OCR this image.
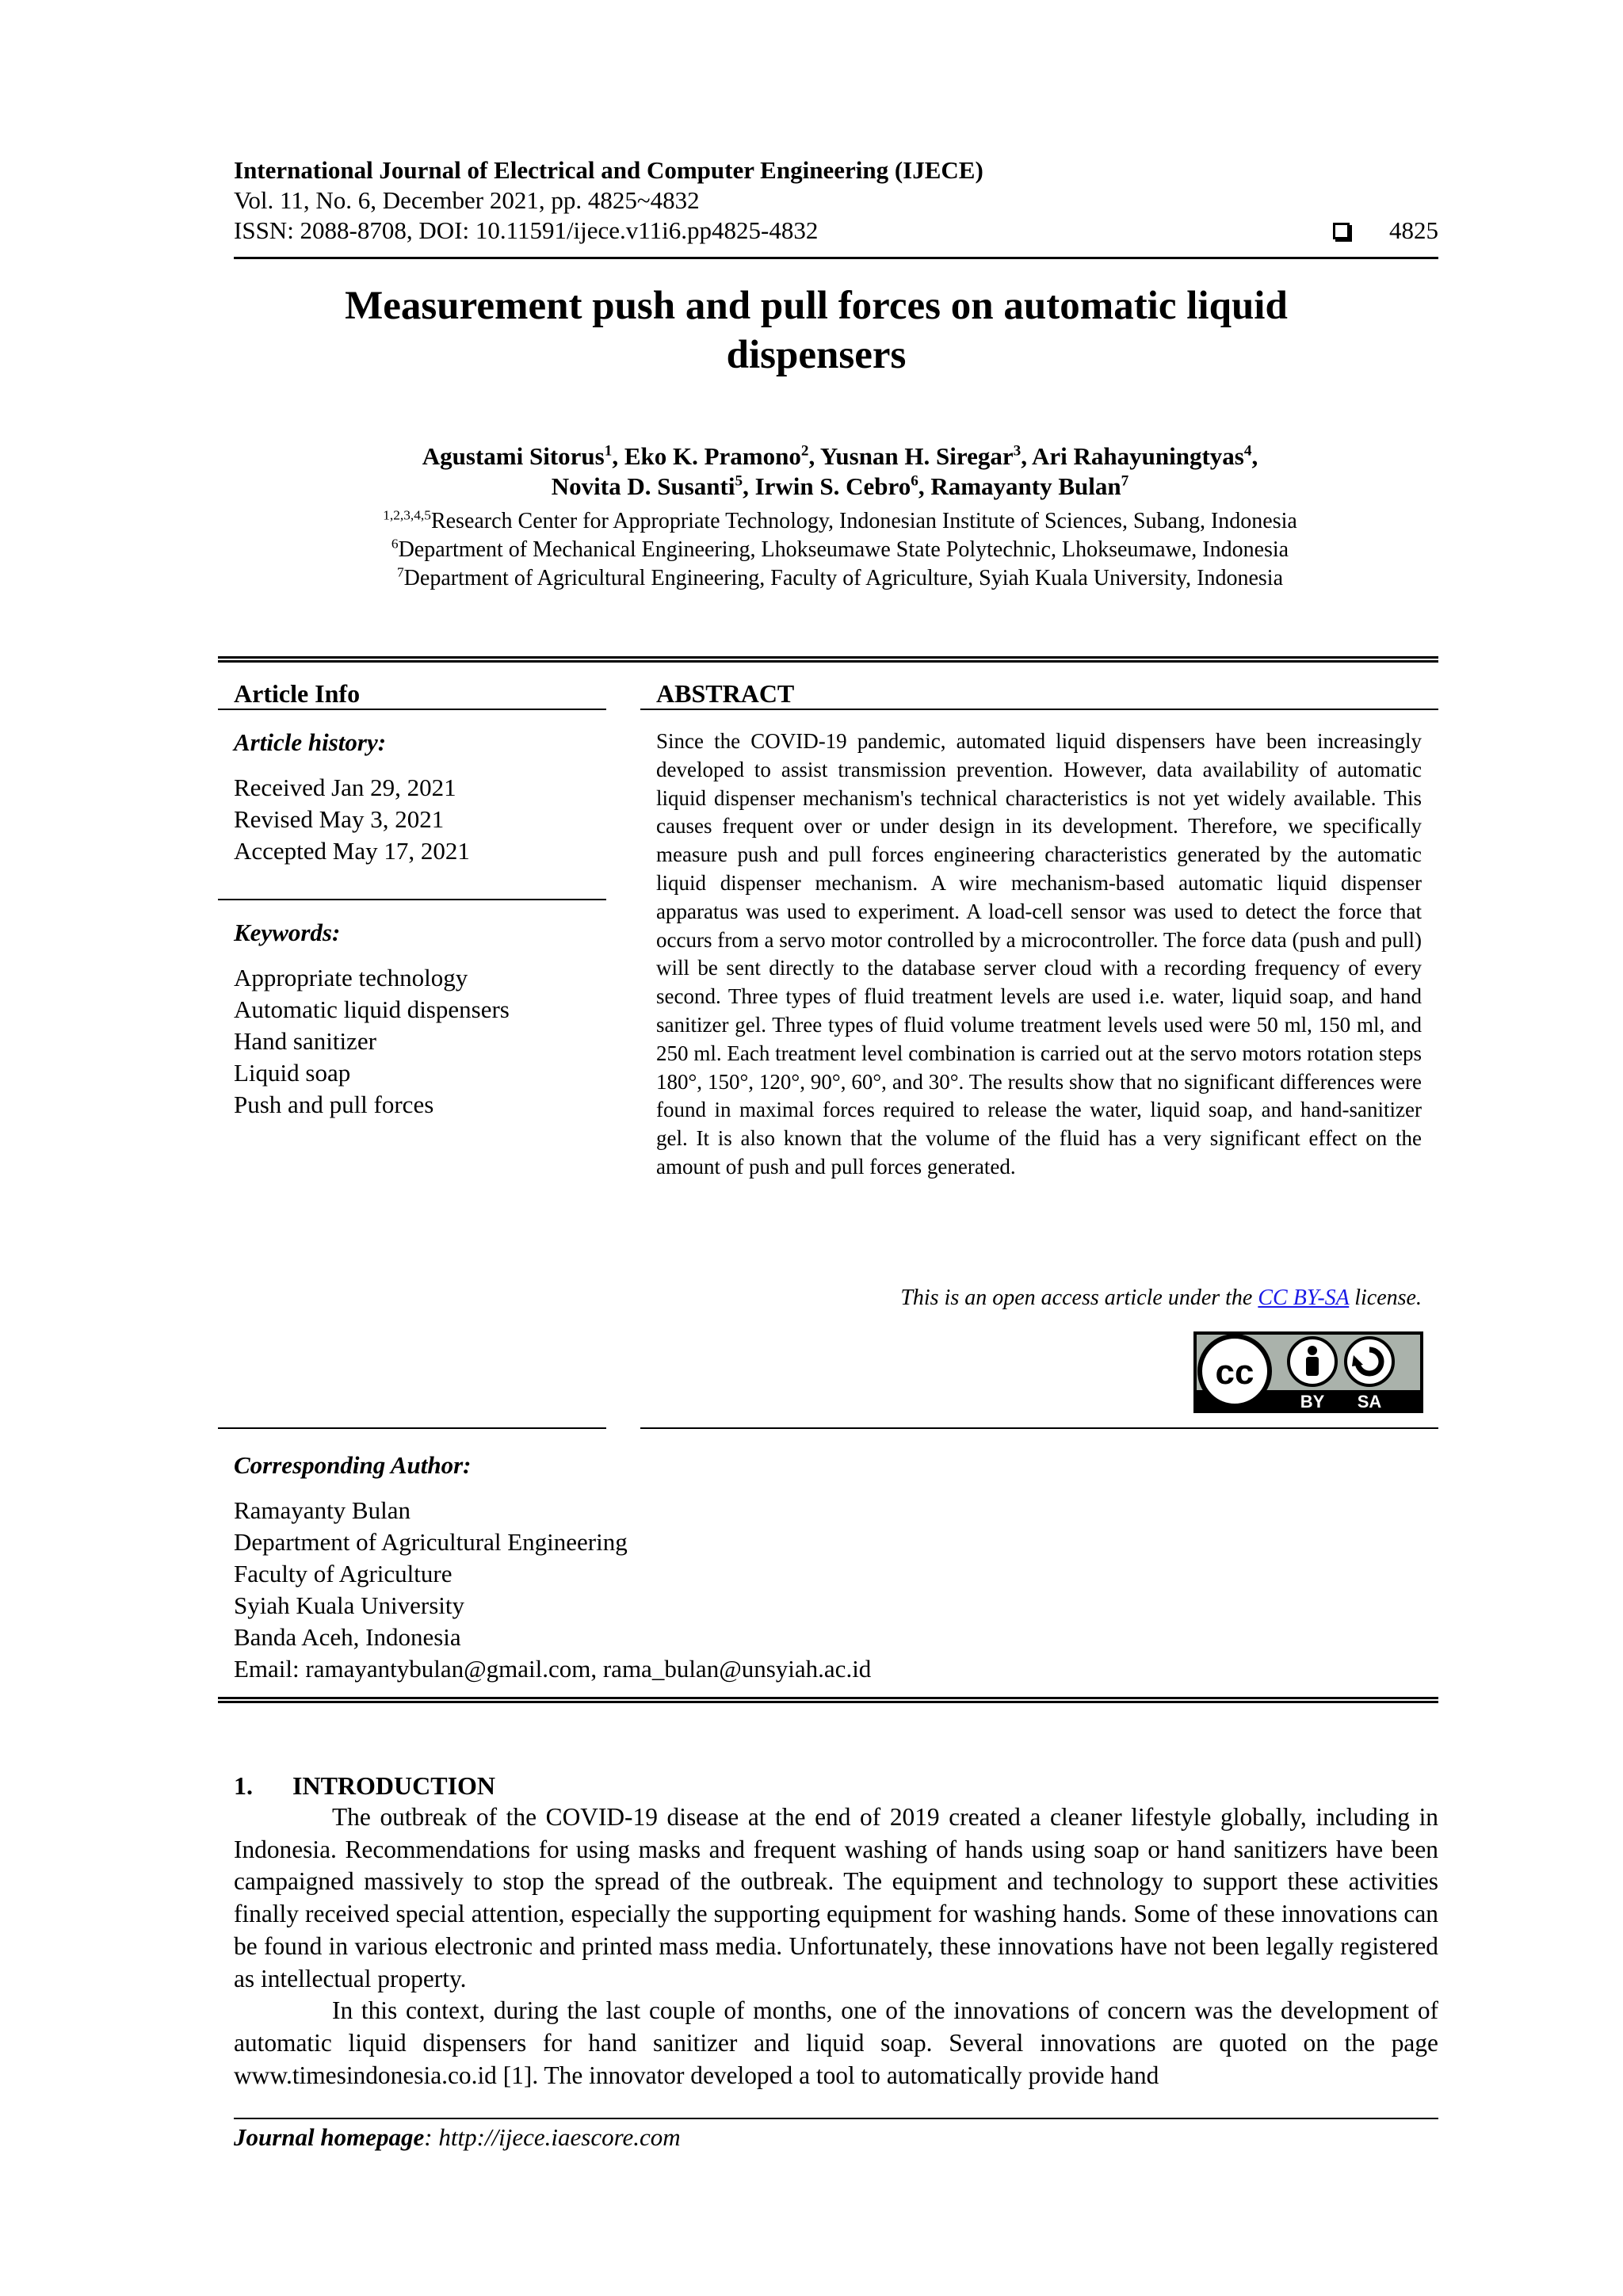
International Journal of Electrical and Computer Engineering (IJECE)
Vol. 11, No. 6, December 2021, pp. 4825~4832
ISSN: 2088-8708, DOI: 10.11591/ijece.v11i6.pp4825-4832	4825
Measurement push and pull forces on automatic liquid
dispensers
Agustami Sitorus$^1$, Eko K. Pramono$^2$, Yusnan H. Siregar$^3$, Ari Rahayuningtyas$^4$,
Novita D. Susanti$^5$, Irwin S. Cebro$^6$, Ramayanty Bulan$^7$
$^{1,2,3,4,5}$Research Center for Appropriate Technology, Indonesian Institute of Sciences, Subang, Indonesia
$^6$Department of Mechanical Engineering, Lhokseumawe State Polytechnic, Lhokseumawe, Indonesia
$^7$Department of Agricultural Engineering, Faculty of Agriculture, Syiah Kuala University, Indonesia
Article Info
Article history:
Received Jan 29, 2021
Revised May 3, 2021
Accepted May 17, 2021
Keywords:
Appropriate technology
Automatic liquid dispensers
Hand sanitizer
Liquid soap
Push and pull forces
ABSTRACT
Since the COVID-19 pandemic, automated liquid dispensers have been increasingly developed to assist transmission prevention. However, data availability of automatic liquid dispenser mechanism's technical characteristics is not yet widely available. This causes frequent over or under design in its development. Therefore, we specifically measure push and pull forces engineering characteristics generated by the automatic liquid dispenser mechanism. A wire mechanism-based automatic liquid dispenser apparatus was used to experiment. A load-cell sensor was used to detect the force that occurs from a servo motor controlled by a microcontroller. The force data (push and pull) will be sent directly to the database server cloud with a recording frequency of every second. Three types of fluid treatment levels are used i.e. water, liquid soap, and hand sanitizer gel. Three types of fluid volume treatment levels used were 50 ml, 150 ml, and 250 ml. Each treatment level combination is carried out at the servo motors rotation steps 180°, 150°, 120°, 90°, 60°, and 30°. The results show that no significant differences were found in maximal forces required to release the water, liquid soap, and hand-sanitizer gel. It is also known that the volume of the fluid has a very significant effect on the amount of push and pull forces generated.
This is an open access article under the CC BY-SA license.
cc
BY SA
Corresponding Author:
Ramayanty Bulan
Department of Agricultural Engineering
Faculty of Agriculture
Syiah Kuala University
Banda Aceh, Indonesia
Email: ramayantybulan@gmail.com, rama_bulan@unsyiah.ac.id
1. INTRODUCTION

The outbreak of the COVID-19 disease at the end of 2019 created a cleaner lifestyle globally, including in Indonesia. Recommendations for using masks and frequent washing of hands using soap or hand sanitizers have been campaigned massively to stop the spread of the outbreak. The equipment and technology to support these activities finally received special attention, especially the supporting equipment for washing hands. Some of these innovations can be found in various electronic and printed mass media. Unfortunately, these innovations have not been legally registered as intellectual property.

In this context, during the last couple of months, one of the innovations of concern was the development of automatic liquid dispensers for hand sanitizer and liquid soap. Several innovations are quoted on the page www.timesindonesia.co.id [1]. The innovator developed a tool to automatically provide hand

Journal homepage: http://ijece.iaescore.com
